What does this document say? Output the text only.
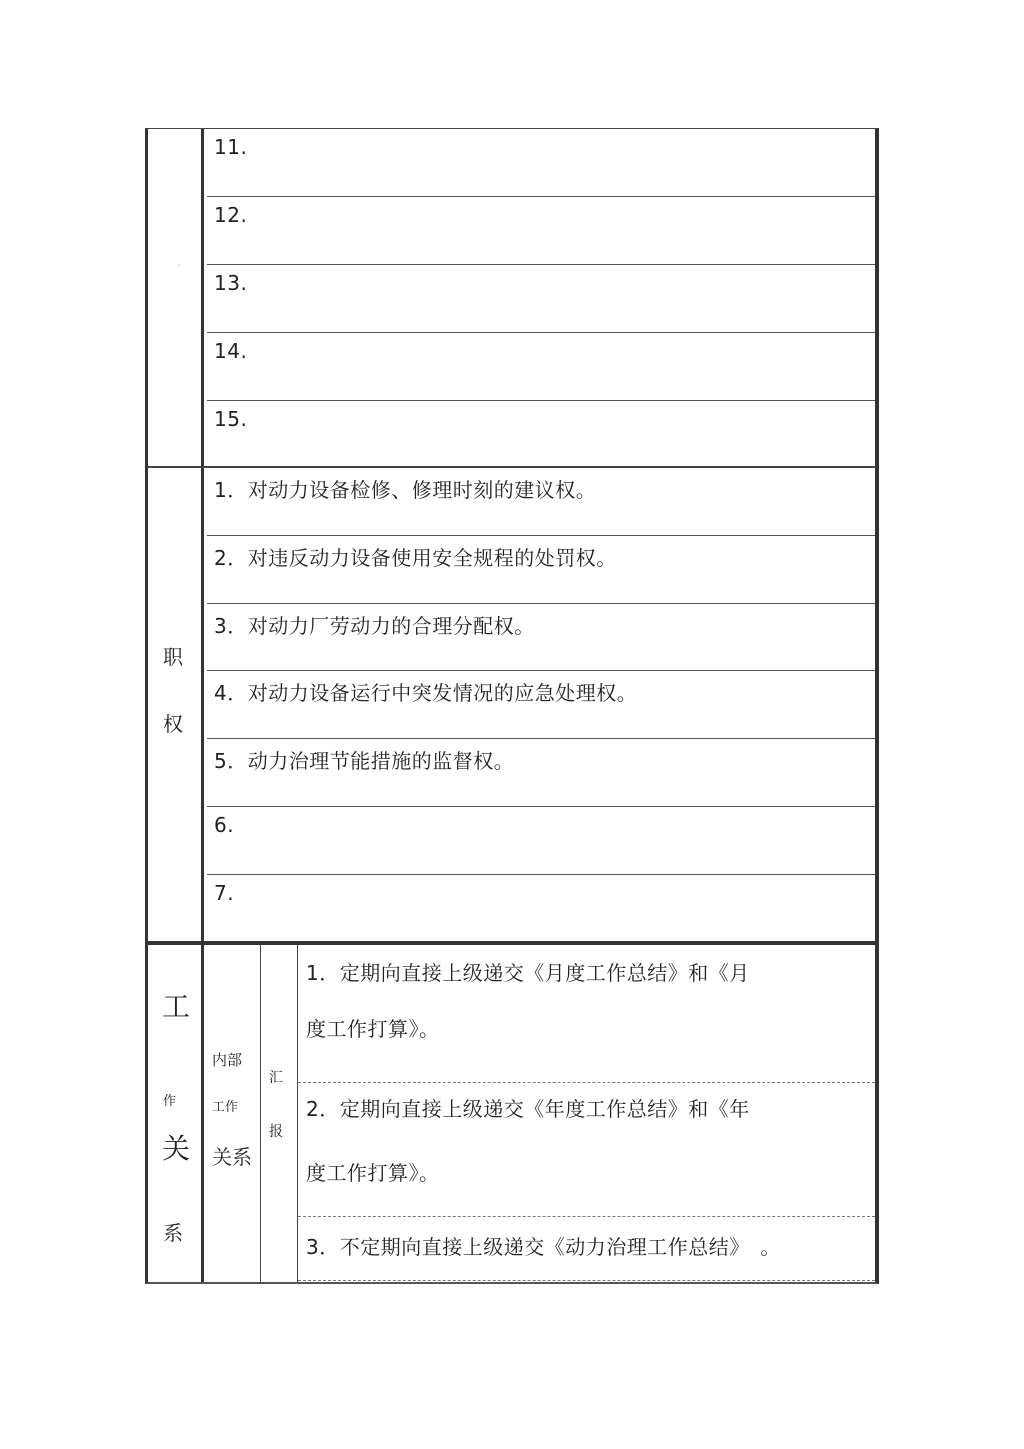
·
职
权
11.
12.
13.
14.
15.
1．对动力设备检修、修理时刻的建议权。
2．对违反动力设备使用安全规程的处罚权。
3．对动力厂劳动力的合理分配权。
4．对动力设备运行中突发情况的应急处理权。
5．动力治理节能措施的监督权。
6.
7.
工
作
关
系
内部
工作
关系
汇
报
1．定期向直接上级递交《月度工作总结》和《月
度工作打算》。
2．定期向直接上级递交《年度工作总结》和《年
度工作打算》。
3．不定期向直接上级递交《动力治理工作总结》　。
